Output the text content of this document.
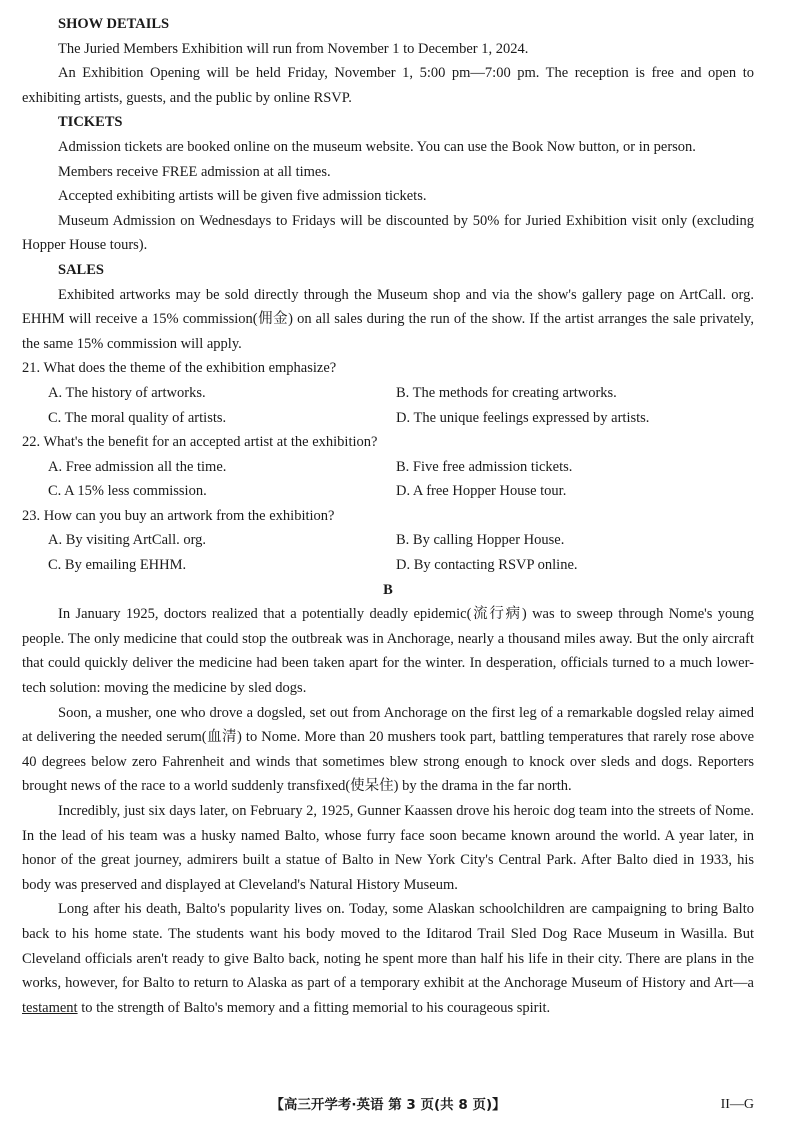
SHOW DETAILS
The Juried Members Exhibition will run from November 1 to December 1, 2024.
An Exhibition Opening will be held Friday, November 1, 5:00 pm—7:00 pm. The reception is free and open to exhibiting artists, guests, and the public by online RSVP.
TICKETS
Admission tickets are booked online on the museum website. You can use the Book Now button, or in person.
Members receive FREE admission at all times.
Accepted exhibiting artists will be given five admission tickets.
Museum Admission on Wednesdays to Fridays will be discounted by 50% for Juried Exhibition visit only (excluding Hopper House tours).
SALES
Exhibited artworks may be sold directly through the Museum shop and via the show's gallery page on ArtCall. org. EHHM will receive a 15% commission(佣金) on all sales during the run of the show. If the artist arranges the sale privately, the same 15% commission will apply.
21. What does the theme of the exhibition emphasize?
A. The history of artworks.	B. The methods for creating artworks.
C. The moral quality of artists.	D. The unique feelings expressed by artists.
22. What's the benefit for an accepted artist at the exhibition?
A. Free admission all the time.	B. Five free admission tickets.
C. A 15% less commission.	D. A free Hopper House tour.
23. How can you buy an artwork from the exhibition?
A. By visiting ArtCall. org.	B. By calling Hopper House.
C. By emailing EHHM.	D. By contacting RSVP online.
B
In January 1925, doctors realized that a potentially deadly epidemic(流行病) was to sweep through Nome's young people. The only medicine that could stop the outbreak was in Anchorage, nearly a thousand miles away. But the only aircraft that could quickly deliver the medicine had been taken apart for the winter. In desperation, officials turned to a much lower-tech solution: moving the medicine by sled dogs.
Soon, a musher, one who drove a dogsled, set out from Anchorage on the first leg of a remarkable dogsled relay aimed at delivering the needed serum(血清) to Nome. More than 20 mushers took part, battling temperatures that rarely rose above 40 degrees below zero Fahrenheit and winds that sometimes blew strong enough to knock over sleds and dogs. Reporters brought news of the race to a world suddenly transfixed(使呆住) by the drama in the far north.
Incredibly, just six days later, on February 2, 1925, Gunner Kaassen drove his heroic dog team into the streets of Nome. In the lead of his team was a husky named Balto, whose furry face soon became known around the world. A year later, in honor of the great journey, admirers built a statue of Balto in New York City's Central Park. After Balto died in 1933, his body was preserved and displayed at Cleveland's Natural History Museum.
Long after his death, Balto's popularity lives on. Today, some Alaskan schoolchildren are campaigning to bring Balto back to his home state. The students want his body moved to the Iditarod Trail Sled Dog Race Museum in Wasilla. But Cleveland officials aren't ready to give Balto back, noting he spent more than half his life in their city. There are plans in the works, however, for Balto to return to Alaska as part of a temporary exhibit at the Anchorage Museum of History and Art—a testament to the strength of Balto's memory and a fitting memorial to his courageous spirit.
【高三开学考·英语 第 3 页(共 8 页)】	II—G
